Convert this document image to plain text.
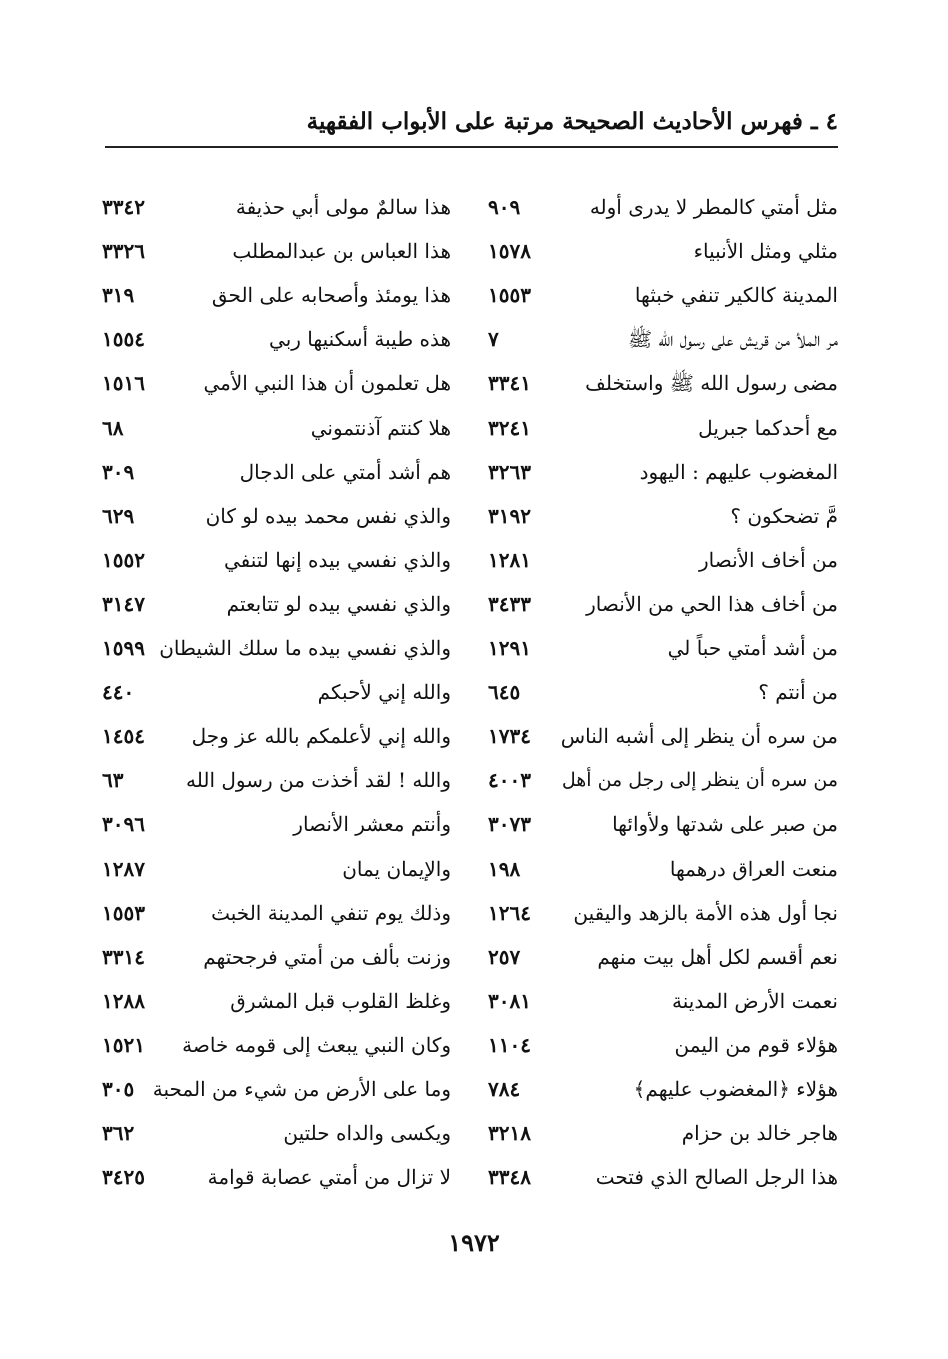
٤ ـ فهرس الأحاديث الصحيحة مرتبة على الأبواب الفقهية
مثل أمتي كالمطر لا يدرى أوله
٩٠٩
هذا سالمٌ مولى أبي حذيفة
٣٣٤٢
مثلي ومثل الأنبياء
١٥٧٨
هذا العباس بن عبدالمطلب
٣٣٢٦
المدينة كالكير تنفي خبثها
١٥٥٣
هذا يومئذ وأصحابه على الحق
٣١٩
مر الملأ من قريش على رسول الله ﷺ
٧
هذه طيبة أسكنيها ربي
١٥٥٤
مضى رسول الله ﷺ واستخلف
٣٣٤١
هل تعلمون أن هذا النبي الأمي
١٥١٦
مع أحدكما جبريل
٣٢٤١
هلا كنتم آذنتموني
٦٨
المغضوب عليهم : اليهود
٣٢٦٣
هم أشد أمتي على الدجال
٣٠٩
مَّ تضحكون ؟
٣١٩٢
والذي نفس محمد بيده لو كان
٦٢٩
من أخاف الأنصار
١٢٨١
والذي نفسي بيده إنها لتنفي
١٥٥٢
من أخاف هذا الحي من الأنصار
٣٤٣٣
والذي نفسي بيده لو تتابعتم
٣١٤٧
من أشد أمتي حباً لي
١٢٩١
والذي نفسي بيده ما سلك الشيطان
١٥٩٩
من أنتم ؟
٦٤٥
والله إني لأحبكم
٤٤٠
من سره أن ينظر إلى أشبه الناس
١٧٣٤
والله إني لأعلمكم بالله عز وجل
١٤٥٤
من سره أن ينظر إلى رجل من أهل
٤٠٠٣
والله ! لقد أخذت من رسول الله
٦٣
من صبر على شدتها ولأوائها
٣٠٧٣
وأنتم معشر الأنصار
٣٠٩٦
منعت العراق درهمها
١٩٨
والإيمان يمان
١٢٨٧
نجا أول هذه الأمة بالزهد واليقين
١٢٦٤
وذلك يوم تنفي المدينة الخبث
١٥٥٣
نعم أقسم لكل أهل بيت منهم
٢٥٧
وزنت بألف من أمتي فرجحتهم
٣٣١٤
نعمت الأرض المدينة
٣٠٨١
وغلظ القلوب قبل المشرق
١٢٨٨
هؤلاء قوم من اليمن
١١٠٤
وكان النبي يبعث إلى قومه خاصة
١٥٢١
هؤلاء ﴿المغضوب عليهم﴾
٧٨٤
وما على الأرض من شيء من المحبة
٣٠٥
هاجر خالد بن حزام
٣٢١٨
ويكسى والداه حلتين
٣٦٢
هذا الرجل الصالح الذي فتحت
٣٣٤٨
لا تزال من أمتي عصابة قوامة
٣٤٢٥
١٩٧٢
